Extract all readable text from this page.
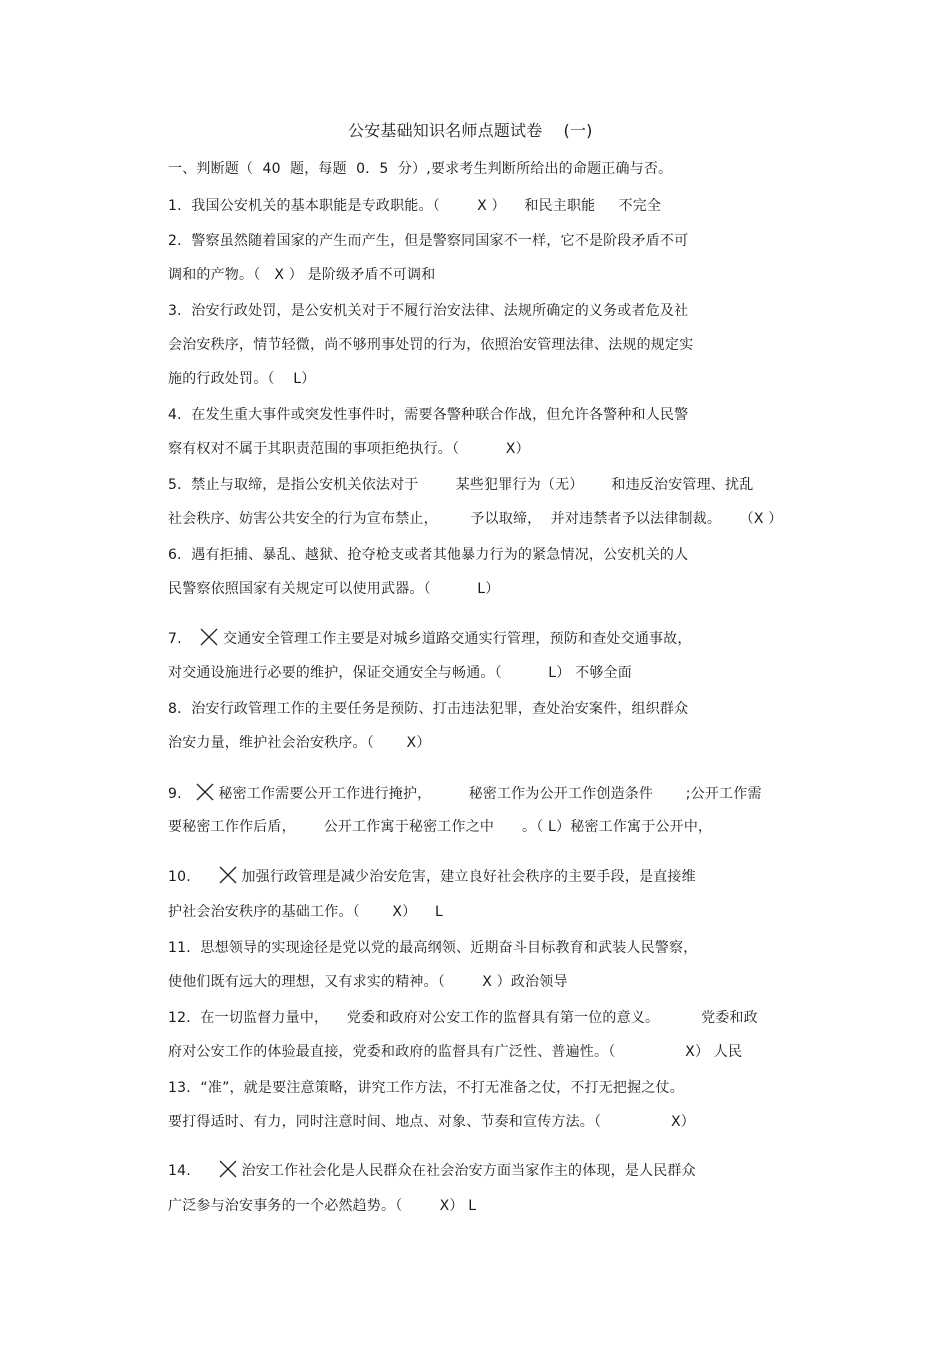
公安基础知识名师点题试卷    (一)
一、判断题（  40  题，每题  0．5  分）,要求考生判断所给出的命题正确与否。
1．我国公安机关的基本职能是专政职能。（        X ）    和民主职能     不完全
2．警察虽然随着国家的产生而产生，但是警察同国家不一样，它不是阶段矛盾不可
调和的产物。（   X ） 是阶级矛盾不可调和
3．治安行政处罚，是公安机关对于不履行治安法律、法规所确定的义务或者危及社
会治安秩序，情节轻微，尚不够刑事处罚的行为，依照治安管理法律、法规的规定实
施的行政处罚。（    L）
4．在发生重大事件或突发性事件时，需要各警种联合作战，但允许各警种和人民警
察有权对不属于其职责范围的事项拒绝执行。（          X）
5．禁止与取缔，是指公安机关依法对于        某些犯罪行为（无）      和违反治安管理、扰乱
社会秩序、妨害公共安全的行为宣布禁止，       予以取缔，  并对违禁者予以法律制裁。    （X ）
6．遇有拒捕、暴乱、越狱、抢夺枪支或者其他暴力行为的紧急情况，公安机关的人
民警察依照国家有关规定可以使用武器。（          L）
7.	交通安全管理工作主要是对城乡道路交通实行管理，预防和查处交通事故，
对交通设施进行必要的维护，保证交通安全与畅通。（          L） 不够全面
8．治安行政管理工作的主要任务是预防、打击违法犯罪，查处治安案件，组织群众
治安力量，维护社会治安秩序。（       X）
9.	秘密工作需要公开工作进行掩护，        秘密工作为公开工作创造条件       ;公开工作需
要秘密工作作后盾，      公开工作寓于秘密工作之中      。（ L）秘密工作寓于公开中，
10.	加强行政管理是减少治安危害，建立良好社会秩序的主要手段，是直接维
护社会治安秩序的基础工作。（       X）    L
11．思想领导的实现途径是党以党的最高纲领、近期奋斗目标教育和武装人民警察，
使他们既有远大的理想，又有求实的精神。（        X ）政治领导
12．在一切监督力量中，    党委和政府对公安工作的监督具有第一位的意义。         党委和政
府对公安工作的体验最直接，党委和政府的监督具有广泛性、普遍性。（               X） 人民
13．“准”，就是要注意策略，讲究工作方法，不打无准备之仗，不打无把握之仗。
要打得适时、有力，同时注意时间、地点、对象、节奏和宣传方法。（               X）
14.	治安工作社会化是人民群众在社会治安方面当家作主的体现，是人民群众
广泛参与治安事务的一个必然趋势。（        X） L
